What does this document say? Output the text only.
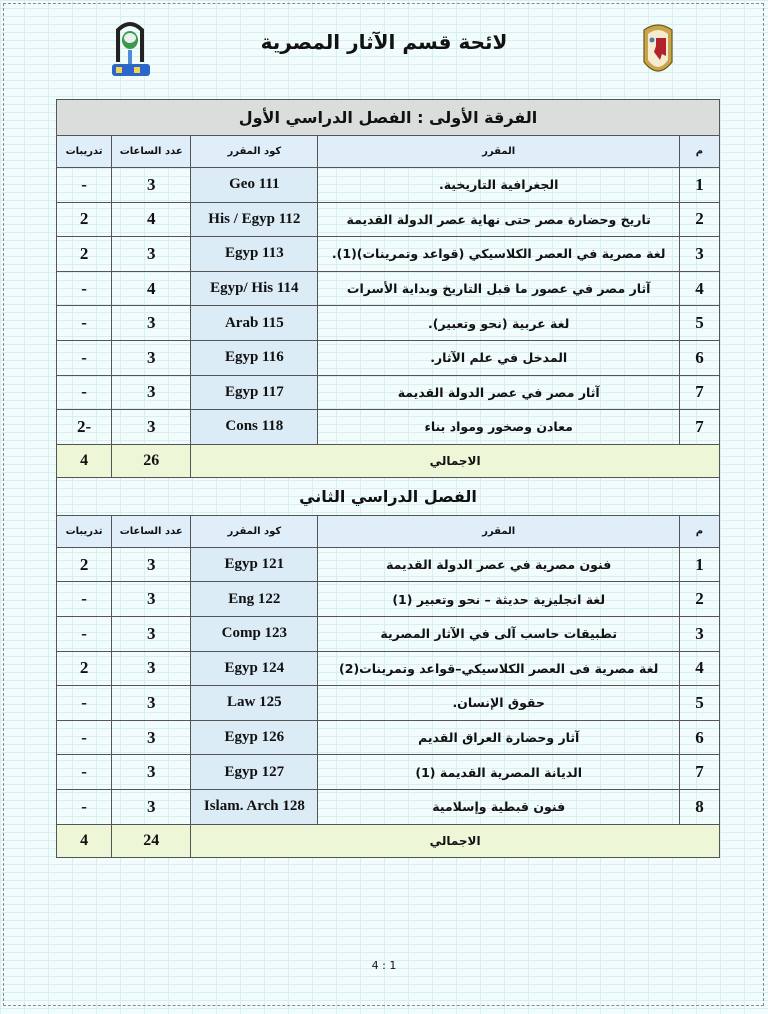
لائحة قسم الآثار المصرية
الفرقة الأولى : الفصل الدراسي الأول				
م	المقرر	كود المقرر	عدد الساعات	تدريبات
1	الجغرافية التاريخية.	Geo 111	3	-
2	تاريخ وحضارة مصر حتى نهاية عصر الدولة القديمة	His / Egyp 112	4	2
3	لغة مصرية في العصر الكلاسيكي (قواعد وتمرينات)(1).	Egyp 113	3	2
4	آثار مصر في عصور ما قبل التاريخ وبداية الأسرات	Egyp/ His 114	4	-
5	لغة عربية (نحو وتعبير).	Arab 115	3	-
6	المدخل في علم الآثار.	Egyp 116	3	-
7	آثار مصر في عصر الدولة القديمة	Egyp 117	3	-
7	معادن وصخور ومواد بناء	Cons 118	3	-2
الاجمالي			26	4
الفصل الدراسي الثاني				
م	المقرر	كود المقرر	عدد الساعات	تدريبات
1	فنون مصرية في عصر الدولة القديمة	Egyp 121	3	2
2	لغة انجليزية حديثة – نحو وتعبير (1)	Eng 122	3	-
3	تطبيقات حاسب آلى في الآثار المصرية	Comp 123	3	-
4	لغة مصرية فى العصر الكلاسيكي–قواعد وتمرينات(2)	Egyp 124	3	2
5	حقوق الإنسان.	Law 125	3	-
6	آثار وحضارة العراق القديم	Egyp 126	3	-
7	الديانة المصرية القديمة (1)	Egyp 127	3	-
8	فنون قبطية وإسلامية	Islam. Arch 128	3	-
الاجمالي			24	4
4 : 1
